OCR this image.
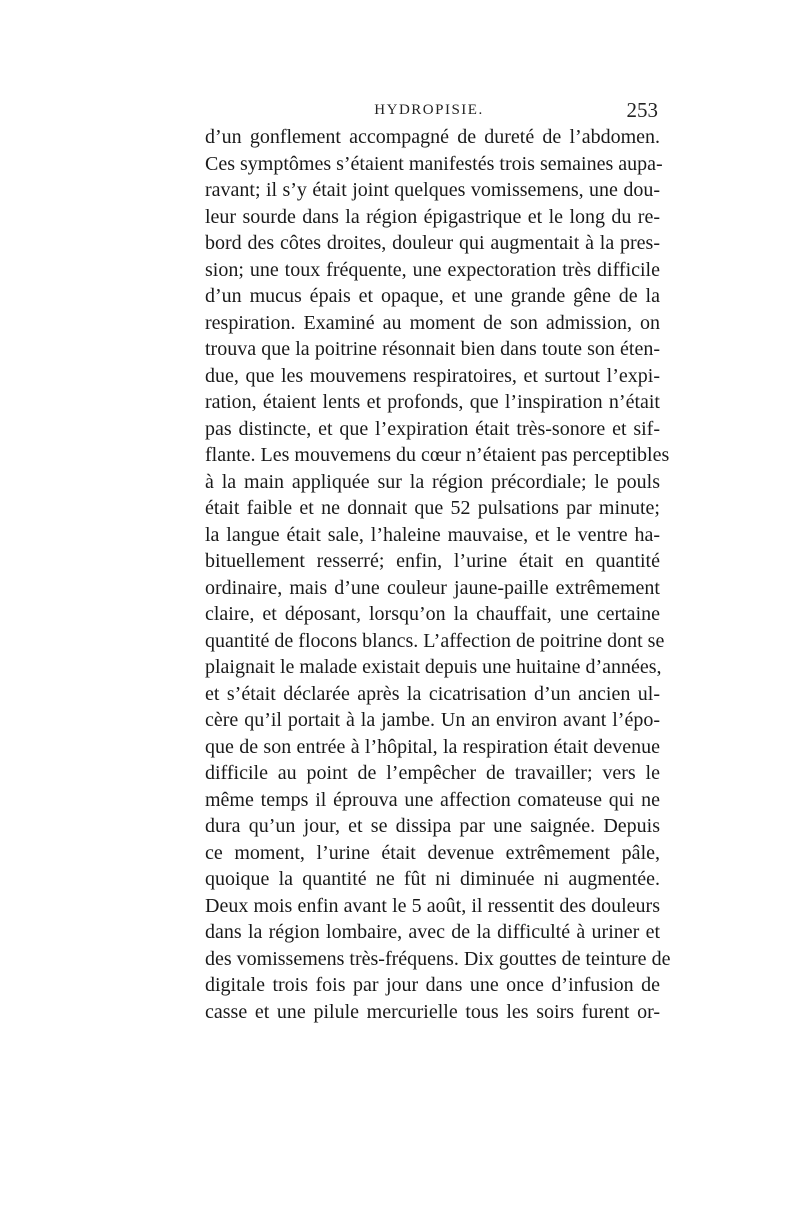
HYDROPISIE.	253
d’un gonflement accompagné de dureté de l’abdomen.
Ces symptômes s’étaient manifestés trois semaines aupa-
ravant; il s’y était joint quelques vomissemens, une dou-
leur sourde dans la région épigastrique et le long du re-
bord des côtes droites, douleur qui augmentait à la pres-
sion; une toux fréquente, une expectoration très difficile
d’un mucus épais et opaque, et une grande gêne de la
respiration. Examiné au moment de son admission, on
trouva que la poitrine résonnait bien dans toute son éten-
due, que les mouvemens respiratoires, et surtout l’expi-
ration, étaient lents et profonds, que l’inspiration n’était
pas distincte, et que l’expiration était très-sonore et sif-
flante. Les mouvemens du cœur n’étaient pas perceptibles
à la main appliquée sur la région précordiale; le pouls
était faible et ne donnait que 52 pulsations par minute;
la langue était sale, l’haleine mauvaise, et le ventre ha-
bituellement resserré; enfin, l’urine était en quantité
ordinaire, mais d’une couleur jaune-paille extrêmement
claire, et déposant, lorsqu’on la chauffait, une certaine
quantité de flocons blancs. L’affection de poitrine dont se
plaignait le malade existait depuis une huitaine d’années,
et s’était déclarée après la cicatrisation d’un ancien ul-
cère qu’il portait à la jambe. Un an environ avant l’épo-
que de son entrée à l’hôpital, la respiration était devenue
difficile au point de l’empêcher de travailler; vers le
même temps il éprouva une affection comateuse qui ne
dura qu’un jour, et se dissipa par une saignée. Depuis
ce moment, l’urine était devenue extrêmement pâle,
quoique la quantité ne fût ni diminuée ni augmentée.
Deux mois enfin avant le 5 août, il ressentit des douleurs
dans la région lombaire, avec de la difficulté à uriner et
des vomissemens très-fréquens. Dix gouttes de teinture de
digitale trois fois par jour dans une once d’infusion de
casse et une pilule mercurielle tous les soirs furent or-
